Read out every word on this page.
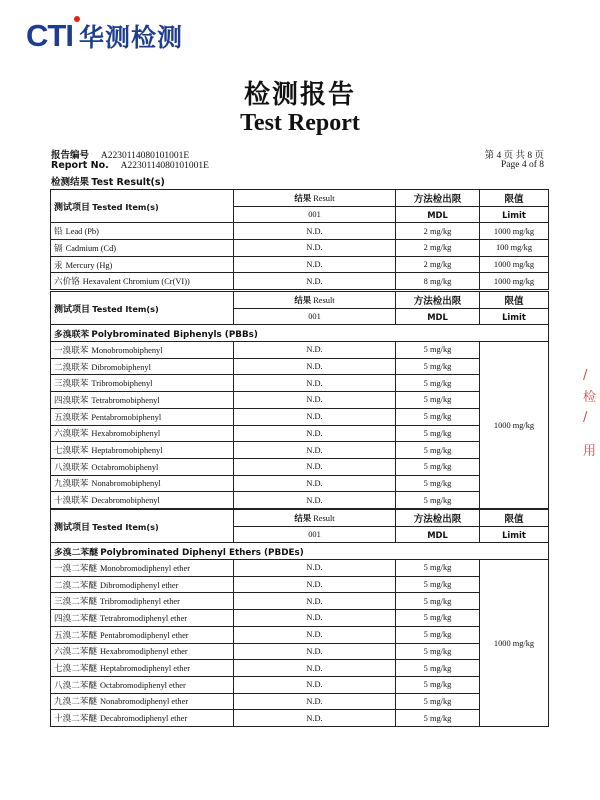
CTI 华测检测
检测报告
Test Report
报告编号 A2230114080101001E
Report No. A2230114080101001E
检测结果 Test Result(s)
第 4 页 共 8 页
Page 4 of 8
/
检
/
用
测试项目 Tested Item(s)	结果 Result	方法检出限	限值
	001	MDL	Limit
铅 Lead (Pb)	N.D.	2 mg/kg	1000 mg/kg
镉 Cadmium (Cd)	N.D.	2 mg/kg	100 mg/kg
汞 Mercury (Hg)	N.D.	2 mg/kg	1000 mg/kg
六价铬 Hexavalent Chromium (Cr(VI))	N.D.	8 mg/kg	1000 mg/kg
测试项目 Tested Item(s)	结果 Result	方法检出限	限值
	001	MDL	Limit
多溴联苯 Polybrominated Biphenyls (PBBs)			
一溴联苯 Monobromobiphenyl	N.D.	5 mg/kg	1000 mg/kg
二溴联苯 Dibromobiphenyl	N.D.	5 mg/kg	
三溴联苯 Tribromobiphenyl	N.D.	5 mg/kg	
四溴联苯 Tetrabromobiphenyl	N.D.	5 mg/kg	
五溴联苯 Pentabromobiphenyl	N.D.	5 mg/kg	
六溴联苯 Hexabromobiphenyl	N.D.	5 mg/kg	
七溴联苯 Heptabromobiphenyl	N.D.	5 mg/kg	
八溴联苯 Octabromobiphenyl	N.D.	5 mg/kg	
九溴联苯 Nonabromobiphenyl	N.D.	5 mg/kg	
十溴联苯 Decabromobiphenyl	N.D.	5 mg/kg	
测试项目 Tested Item(s)	结果 Result	方法检出限	限值
	001	MDL	Limit
多溴二苯醚 Polybrominated Diphenyl Ethers (PBDEs)			
一溴二苯醚 Monobromodiphenyl ether	N.D.	5 mg/kg	1000 mg/kg
二溴二苯醚 Dibromodiphenyl ether	N.D.	5 mg/kg	
三溴二苯醚 Tribromodiphenyl ether	N.D.	5 mg/kg	
四溴二苯醚 Tetrabromodiphenyl ether	N.D.	5 mg/kg	
五溴二苯醚 Pentabromodiphenyl ether	N.D.	5 mg/kg	
六溴二苯醚 Hexabromodiphenyl ether	N.D.	5 mg/kg	
七溴二苯醚 Heptabromodiphenyl ether	N.D.	5 mg/kg	
八溴二苯醚 Octabromodiphenyl ether	N.D.	5 mg/kg	
九溴二苯醚 Nonabromodiphenyl ether	N.D.	5 mg/kg	
十溴二苯醚 Decabromodiphenyl ether	N.D.	5 mg/kg	
